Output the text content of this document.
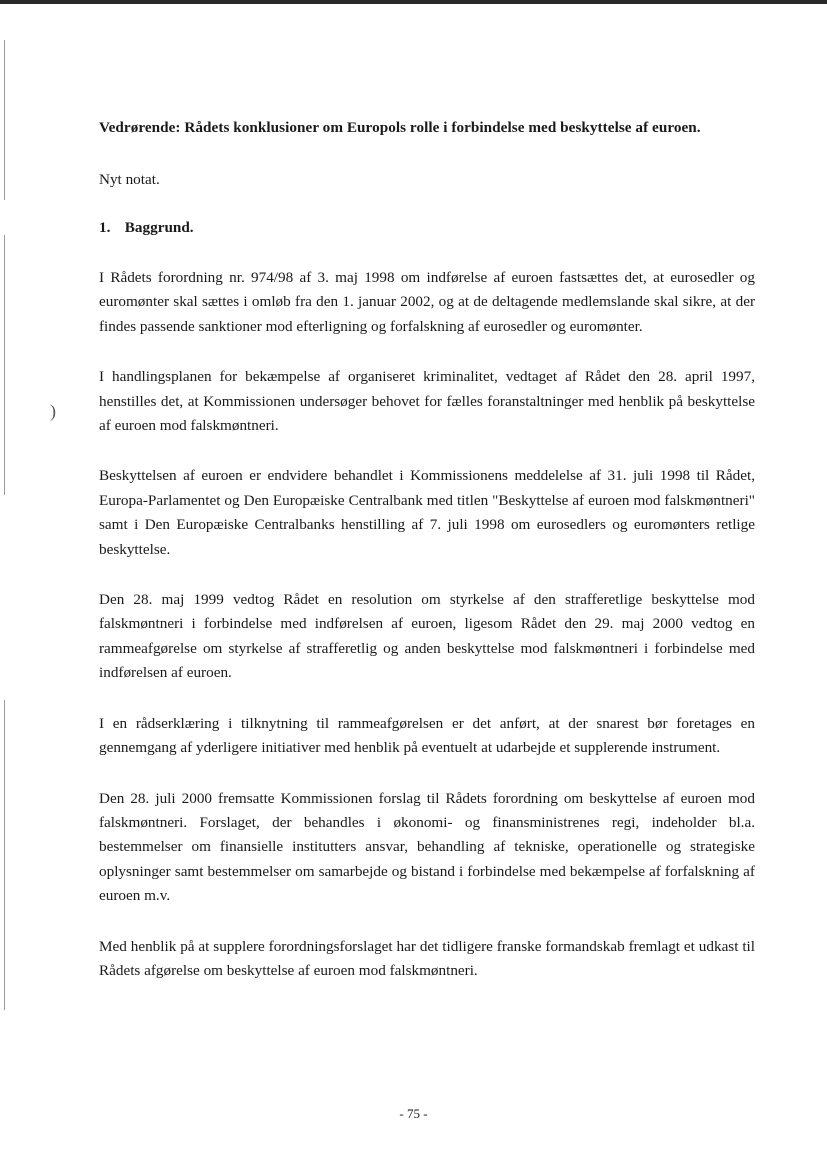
)

Vedrørende: Rådets konklusioner om Europols rolle i forbindelse med beskyttelse af euroen.

Nyt notat.

1. Baggrund.

I Rådets forordning nr. 974/98 af 3. maj 1998 om indførelse af euroen fastsættes det, at eurosedler og euromønter skal sættes i omløb fra den 1. januar 2002, og at de deltagende medlemslande skal sikre, at der findes passende sanktioner mod efterligning og forfalskning af eurosedler og euromønter.

I handlingsplanen for bekæmpelse af organiseret kriminalitet, vedtaget af Rådet den 28. april 1997, henstilles det, at Kommissionen undersøger behovet for fælles foranstaltninger med henblik på beskyttelse af euroen mod falskmøntneri.

Beskyttelsen af euroen er endvidere behandlet i Kommissionens meddelelse af 31. juli 1998 til Rådet, Europa-Parlamentet og Den Europæiske Centralbank med titlen "Beskyttelse af euroen mod falskmøntneri" samt i Den Europæiske Centralbanks henstilling af 7. juli 1998 om eurosedlers og euromønters retlige beskyttelse.

Den 28. maj 1999 vedtog Rådet en resolution om styrkelse af den strafferetlige beskyttelse mod falskmøntneri i forbindelse med indførelsen af euroen, ligesom Rådet den 29. maj 2000 vedtog en rammeafgørelse om styrkelse af strafferetlig og anden beskyttelse mod falskmøntneri i forbindelse med indførelsen af euroen.

I en rådserklæring i tilknytning til rammeafgørelsen er det anført, at der snarest bør foretages en gennemgang af yderligere initiativer med henblik på eventuelt at udarbejde et supplerende instrument.

Den 28. juli 2000 fremsatte Kommissionen forslag til Rådets forordning om beskyttelse af euroen mod falskmøntneri. Forslaget, der behandles i økonomi- og finansministrenes regi, indeholder bl.a. bestemmelser om finansielle institutters ansvar, behandling af tekniske, operationelle og strategiske oplysninger samt bestemmelser om samarbejde og bistand i forbindelse med bekæmpelse af forfalskning af euroen m.v.

Med henblik på at supplere forordningsforslaget har det tidligere franske formandskab fremlagt et udkast til Rådets afgørelse om beskyttelse af euroen mod falskmøntneri.

- 75 -
